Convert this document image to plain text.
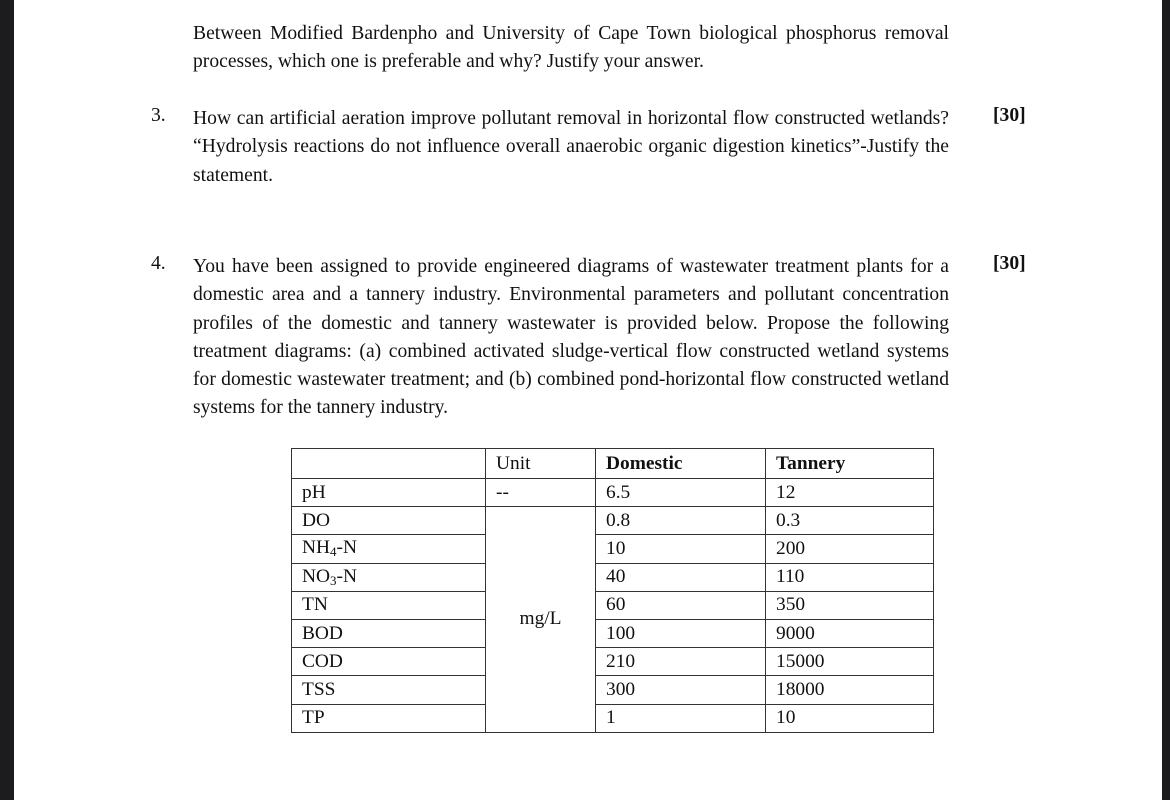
Between Modified Bardenpho and University of Cape Town biological phosphorus removal processes, which one is preferable and why? Justify your answer.
3. How can artificial aeration improve pollutant removal in horizontal flow constructed wetlands? “Hydrolysis reactions do not influence overall anaerobic organic digestion kinetics”-Justify the statement.
[30]
4. You have been assigned to provide engineered diagrams of wastewater treatment plants for a domestic area and a tannery industry. Environmental parameters and pollutant concentration profiles of the domestic and tannery wastewater is provided below. Propose the following treatment diagrams: (a) combined activated sludge-vertical flow constructed wetland systems for domestic wastewater treatment; and (b) combined pond-horizontal flow constructed wetland systems for the tannery industry.
[30]
	Unit	Domestic	Tannery
pH	--	6.5	12
DO	mg/L	0.8	0.3
$NH_4-N$		10	200
$NO_3-N$		40	110
TN		60	350
BOD		100	9000
COD		210	15000
TSS		300	18000
TP		1	10
